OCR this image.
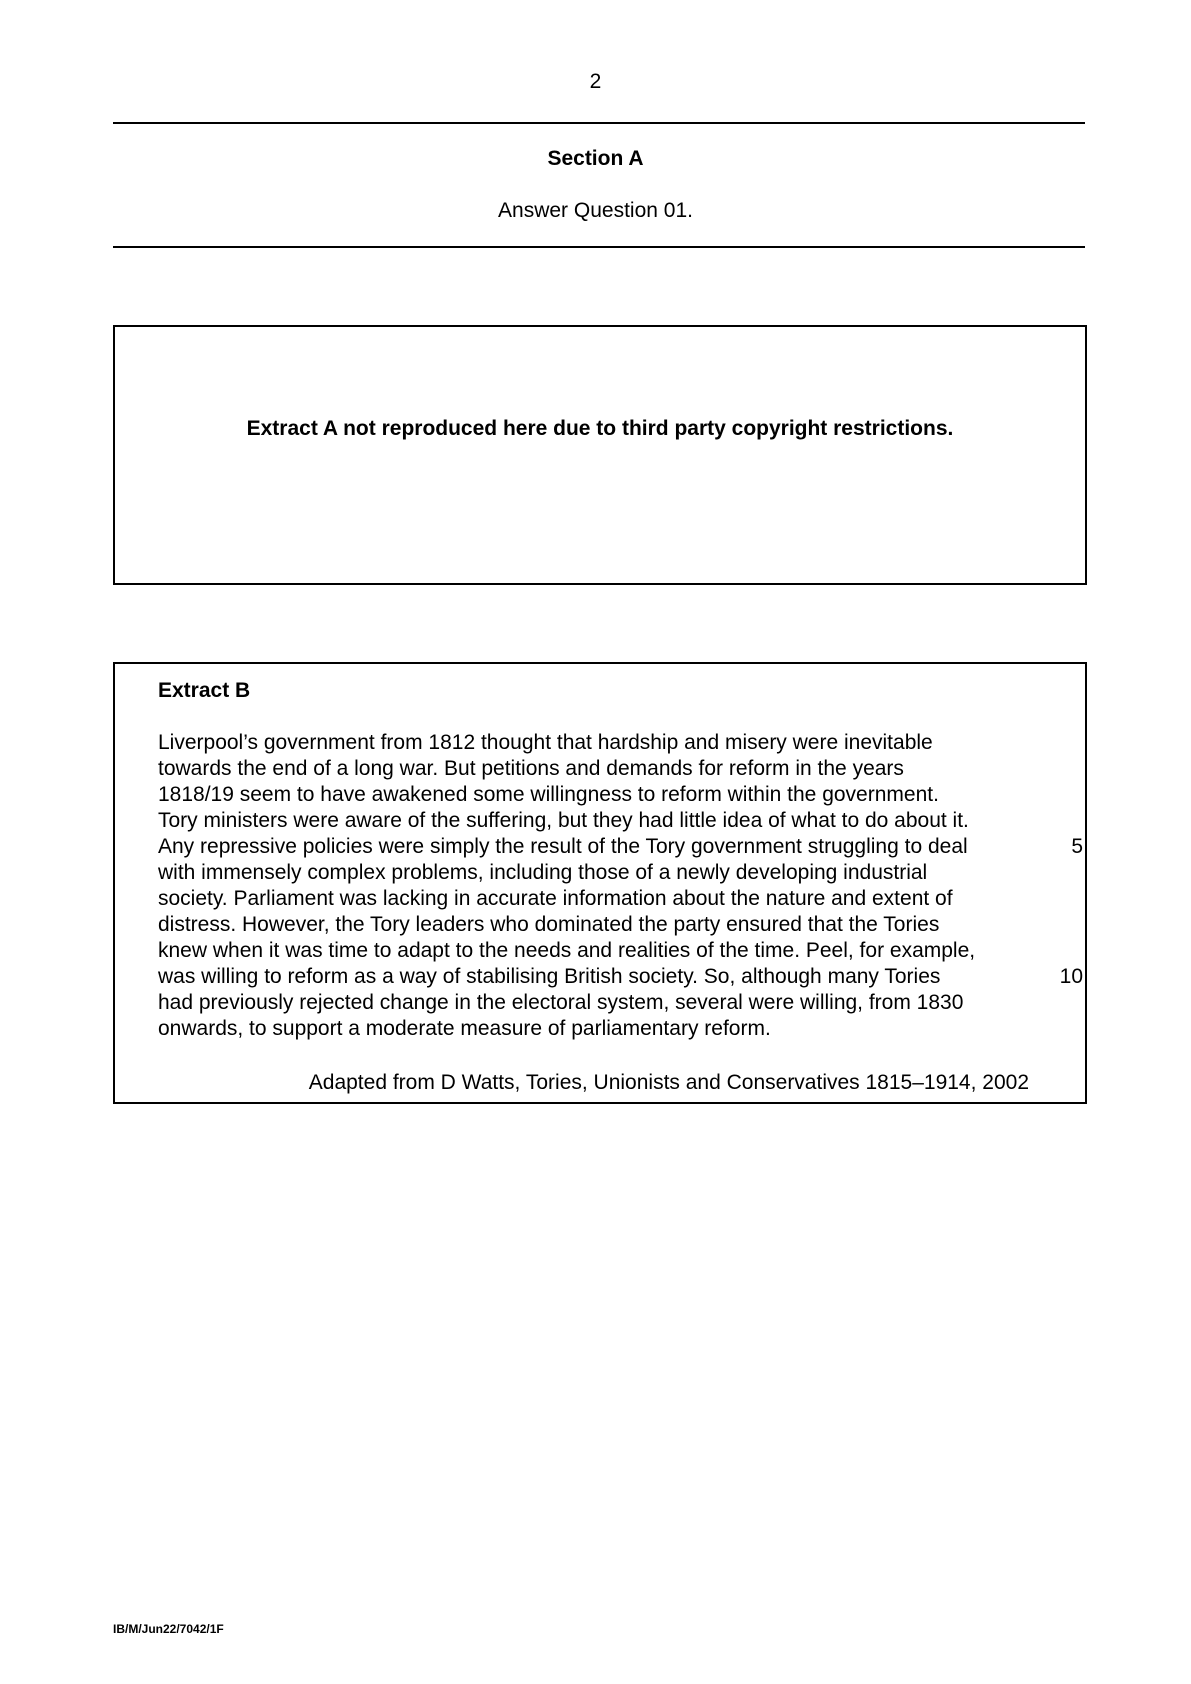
2
Section A
Answer Question 01.
Extract A not reproduced here due to third party copyright restrictions.
Extract B
Liverpool’s government from 1812 thought that hardship and misery were inevitable
towards the end of a long war. But petitions and demands for reform in the years
1818/19 seem to have awakened some willingness to reform within the government.
Tory ministers were aware of the suffering, but they had little idea of what to do about it.
Any repressive policies were simply the result of the Tory government struggling to deal	5
with immensely complex problems, including those of a newly developing industrial
society. Parliament was lacking in accurate information about the nature and extent of
distress. However, the Tory leaders who dominated the party ensured that the Tories
knew when it was time to adapt to the needs and realities of the time. Peel, for example,
was willing to reform as a way of stabilising British society. So, although many Tories	10
had previously rejected change in the electoral system, several were willing, from 1830
onwards, to support a moderate measure of parliamentary reform.
Adapted from D Watts, Tories, Unionists and Conservatives 1815–1914, 2002
IB/M/Jun22/7042/1F
